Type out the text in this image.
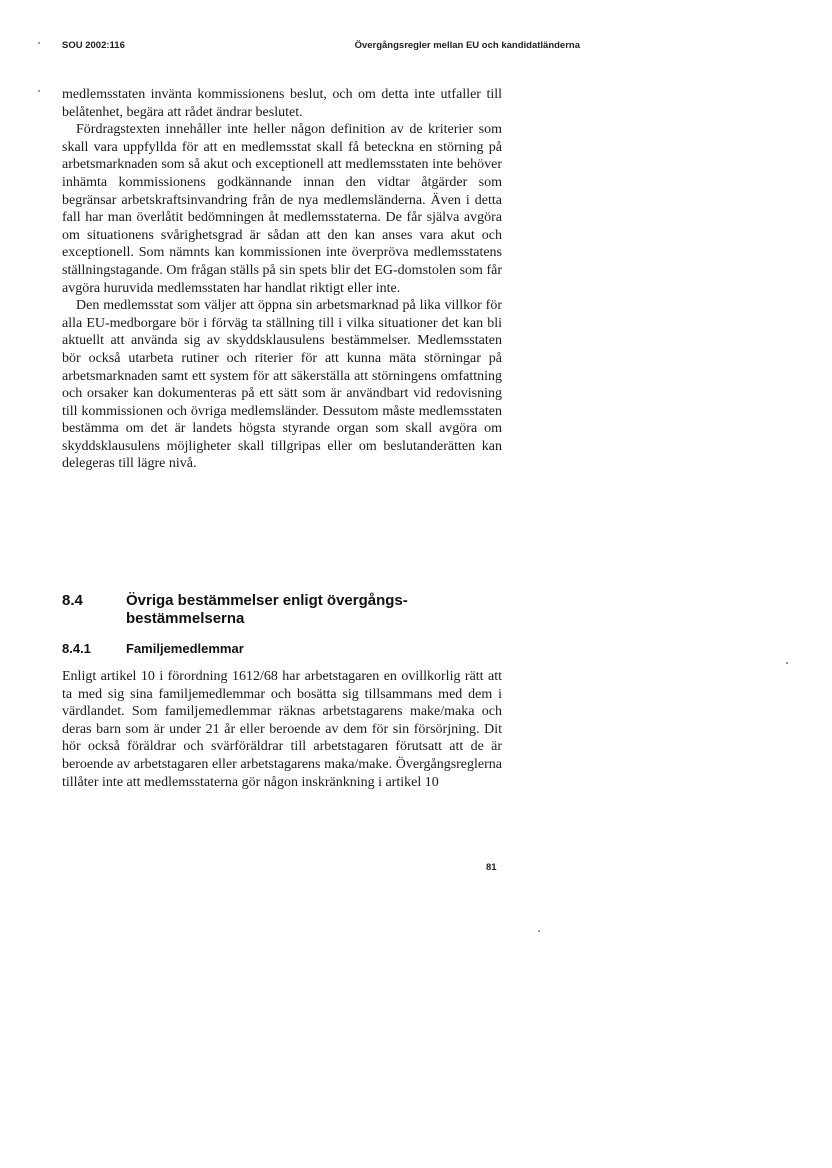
SOU 2002:116	Övergångsregler mellan EU och kandidatländerna

medlemsstaten invänta kommissionens beslut, och om detta inte utfaller till belåtenhet, begära att rådet ändrar beslutet.

Fördragstexten innehåller inte heller någon definition av de kriterier som skall vara uppfyllda för att en medlemsstat skall få beteckna en störning på arbetsmarknaden som så akut och exceptionell att medlemsstaten inte behöver inhämta kommissionens godkännande innan den vidtar åtgärder som begränsar arbetskraftsinvandring från de nya medlemsländerna. Även i detta fall har man överlåtit bedömningen åt medlemsstaterna. De får själva avgöra om situationens svårighetsgrad är sådan att den kan anses vara akut och exceptionell. Som nämnts kan kommissionen inte överpröva medlemsstatens ställningstagande. Om frågan ställs på sin spets blir det EG-domstolen som får avgöra huruvida medlemsstaten har handlat riktigt eller inte.

Den medlemsstat som väljer att öppna sin arbetsmarknad på lika villkor för alla EU-medborgare bör i förväg ta ställning till i vilka situationer det kan bli aktuellt att använda sig av skyddsklausulens bestämmelser. Medlemsstaten bör också utarbeta rutiner och riterier för att kunna mäta störningar på arbetsmarknaden samt ett system för att säkerställa att störningens omfattning och orsaker kan dokumenteras på ett sätt som är användbart vid redovisning till kommissionen och övriga medlemsländer. Dessutom måste medlemsstaten bestämma om det är landets högsta styrande organ som skall avgöra om skyddsklausulens möjligheter skall tillgripas eller om beslutanderätten kan delegeras till lägre nivå.

8.4	Övriga bestämmelser enligt övergångs-bestämmelserna
8.4.1	Familjemedlemmar

Enligt artikel 10 i förordning 1612/68 har arbetstagaren en ovillkorlig rätt att ta med sig sina familjemedlemmar och bosätta sig tillsammans med dem i värdlandet. Som familjemedlemmar räknas arbetstagarens make/maka och deras barn som är under 21 år eller beroende av dem för sin försörjning. Dit hör också föräldrar och svärföräldrar till arbetstagaren förutsatt att de är beroende av arbetstagaren eller arbetstagarens maka/make. Övergångsreglerna tillåter inte att medlemsstaterna gör någon inskränkning i artikel 10

81
